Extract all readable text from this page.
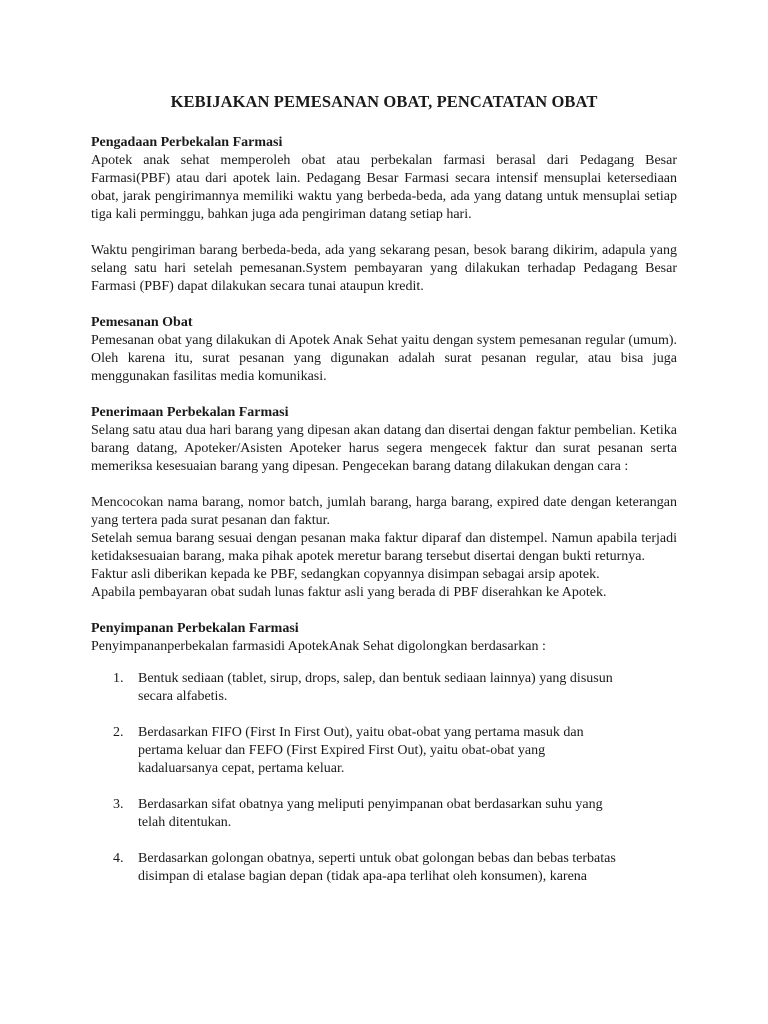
KEBIJAKAN PEMESANAN OBAT, PENCATATAN OBAT
Pengadaan Perbekalan Farmasi

Apotek anak sehat memperoleh obat atau perbekalan farmasi berasal dari Pedagang Besar Farmasi(PBF) atau dari apotek lain. Pedagang Besar Farmasi secara intensif mensuplai ketersediaan obat, jarak pengirimannya memiliki waktu yang berbeda-beda, ada yang datang untuk mensuplai setiap tiga kali perminggu, bahkan juga ada pengiriman datang setiap hari.

Waktu pengiriman barang berbeda-beda, ada yang sekarang pesan, besok barang dikirim, adapula yang selang satu hari setelah pemesanan.System pembayaran yang dilakukan terhadap Pedagang Besar Farmasi (PBF) dapat dilakukan secara tunai ataupun kredit.

Pemesanan Obat

Pemesanan obat yang dilakukan di Apotek Anak Sehat yaitu dengan system pemesanan regular (umum). Oleh karena itu, surat pesanan yang digunakan adalah surat pesanan regular, atau bisa juga menggunakan fasilitas media komunikasi.

Penerimaan Perbekalan Farmasi

Selang satu atau dua hari barang yang dipesan akan datang dan disertai dengan faktur pembelian. Ketika barang datang, Apoteker/Asisten Apoteker harus segera mengecek faktur dan surat pesanan serta memeriksa kesesuaian barang yang dipesan. Pengecekan barang datang dilakukan dengan cara :

Mencocokan nama barang, nomor batch, jumlah barang, harga barang, expired date dengan keterangan yang tertera pada surat pesanan dan faktur.

Setelah semua barang sesuai dengan pesanan maka faktur diparaf dan distempel. Namun apabila terjadi ketidaksesuaian barang, maka pihak apotek meretur barang tersebut disertai dengan bukti returnya.

Faktur asli diberikan kepada ke PBF, sedangkan copyannya disimpan sebagai arsip apotek.

Apabila pembayaran obat sudah lunas faktur asli yang berada di PBF diserahkan ke Apotek.

Penyimpanan Perbekalan Farmasi

Penyimpananperbekalan farmasidi ApotekAnak Sehat digolongkan berdasarkan :

1.	Bentuk sediaan (tablet, sirup, drops, salep, dan bentuk sediaan lainnya) yang disusun secara alfabetis.
2.	Berdasarkan FIFO (First In First Out), yaitu obat-obat yang pertama masuk dan pertama keluar dan FEFO (First Expired First Out), yaitu obat-obat yang kadaluarsanya cepat, pertama keluar.
3.	Berdasarkan sifat obatnya yang meliputi penyimpanan obat berdasarkan suhu yang telah ditentukan.
4.	Berdasarkan golongan obatnya, seperti untuk obat golongan bebas dan bebas terbatas disimpan di etalase bagian depan (tidak apa-apa terlihat oleh konsumen), karena
